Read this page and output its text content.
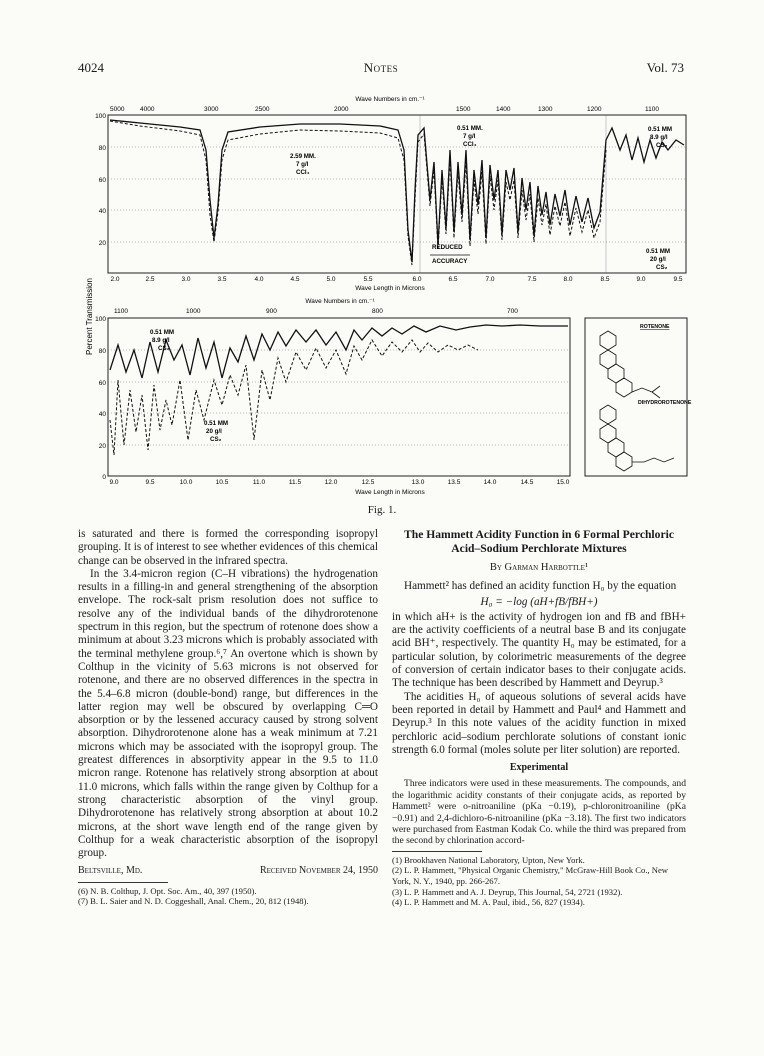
4024	Notes	Vol. 73
Percent Transmission
Wave Numbers in cm.⁻¹
5000 4000	3000	2500	2000	1500	1400	1300	1200	1100
100
80
60
40
20
2.59 MM.
7 g/l
CCl₄
0.51 MM.
7 g/l
CCl₄
0.51 MM
8.9 g/l
CS₂
0.51 MM
20 g/l
CS₂
REDUCED
ACCURACY
2.0	2.5	3.0	3.5	4.0	4.5	5.0	5.5	6.0	6.5	7.0	7.5	8.0	8.5	9.0	9.5
Wave Length in Microns
Wave Numbers in cm.⁻¹
1100	1000	900	800	700
100
80
60
40
20
0
0.51 MM
8.9 g/l
CS₂
0.51 MM
20 g/l
CS₂
9.0	9.5	10.0	10.5	11.0	11.5	12.0	12.5	13.0	13.5	14.0	14.5	15.0
Wave Length in Microns
ROTENONE
DIHYDROROTENONE
Fig. 1.

is saturated and there is formed the corresponding isopropyl grouping. It is of interest to see whether evidences of this chemical change can be observed in the infrared spectra.

In the 3.4-micron region (C–H vibrations) the hydrogenation results in a filling-in and general strengthening of the absorption envelope. The rock-salt prism resolution does not suffice to resolve any of the individual bands of the dihydrorotenone spectrum in this region, but the spectrum of rotenone does show a minimum at about 3.23 microns which is probably associated with the terminal methylene group.⁶,⁷ An overtone which is shown by Colthup in the vicinity of 5.63 microns is not observed for rotenone, and there are no observed differences in the spectra in the 5.4–6.8 micron (double-bond) range, but differences in the latter region may well be obscured by overlapping C═O absorption or by the lessened accuracy caused by strong solvent absorption. Dihydrorotenone alone has a weak minimum at 7.21 microns which may be associated with the isopropyl group. The greatest differences in absorptivity appear in the 9.5 to 11.0 micron range. Rotenone has relatively strong absorption at about 11.0 microns, which falls within the range given by Colthup for a strong characteristic absorption of the vinyl group. Dihydrorotenone has relatively strong absorption at about 10.2 microns, at the short wave length end of the range given by Colthup for a weak characteristic absorption of the isopropyl group.

Beltsville, Md.	Received November 24, 1950

(6) N. B. Colthup, J. Opt. Soc. Am., 40, 397 (1950).

(7) B. L. Saier and N. D. Coggeshall, Anal. Chem., 20, 812 (1948).

The Hammett Acidity Function in 6 Formal Perchloric Acid–Sodium Perchlorate Mixtures

By Garman Harbottle¹

Hammett² has defined an acidity function H₀ by the equation

H₀ = −log (aH+fB/fBH+)

in which aH+ is the activity of hydrogen ion and fB and fBH+ are the activity coefficients of a neutral base B and its conjugate acid BH⁺, respectively. The quantity H₀ may be estimated, for a particular solution, by colorimetric measurements of the degree of conversion of certain indicator bases to their conjugate acids. The technique has been described by Hammett and Deyrup.³

The acidities H₀ of aqueous solutions of several acids have been reported in detail by Hammett and Paul⁴ and Hammett and Deyrup.³ In this note values of the acidity function in mixed perchloric acid–sodium perchlorate solutions of constant ionic strength 6.0 formal (moles solute per liter solution) are reported.

Experimental

Three indicators were used in these measurements. The compounds, and the logarithmic acidity constants of their conjugate acids, as reported by Hammett² were o-nitroaniline (pKa −0.19), p-chloronitroaniline (pKa −0.91) and 2,4-dichloro-6-nitroaniline (pKa −3.18). The first two indicators were purchased from Eastman Kodak Co. while the third was prepared from the second by chlorination accord-

(1) Brookhaven National Laboratory, Upton, New York.

(2) L. P. Hammett, "Physical Organic Chemistry," McGraw-Hill Book Co., New York, N. Y., 1940, pp. 266-267.

(3) L. P. Hammett and A. J. Deyrup, This Journal, 54, 2721 (1932).

(4) L. P. Hammett and M. A. Paul, ibid., 56, 827 (1934).
